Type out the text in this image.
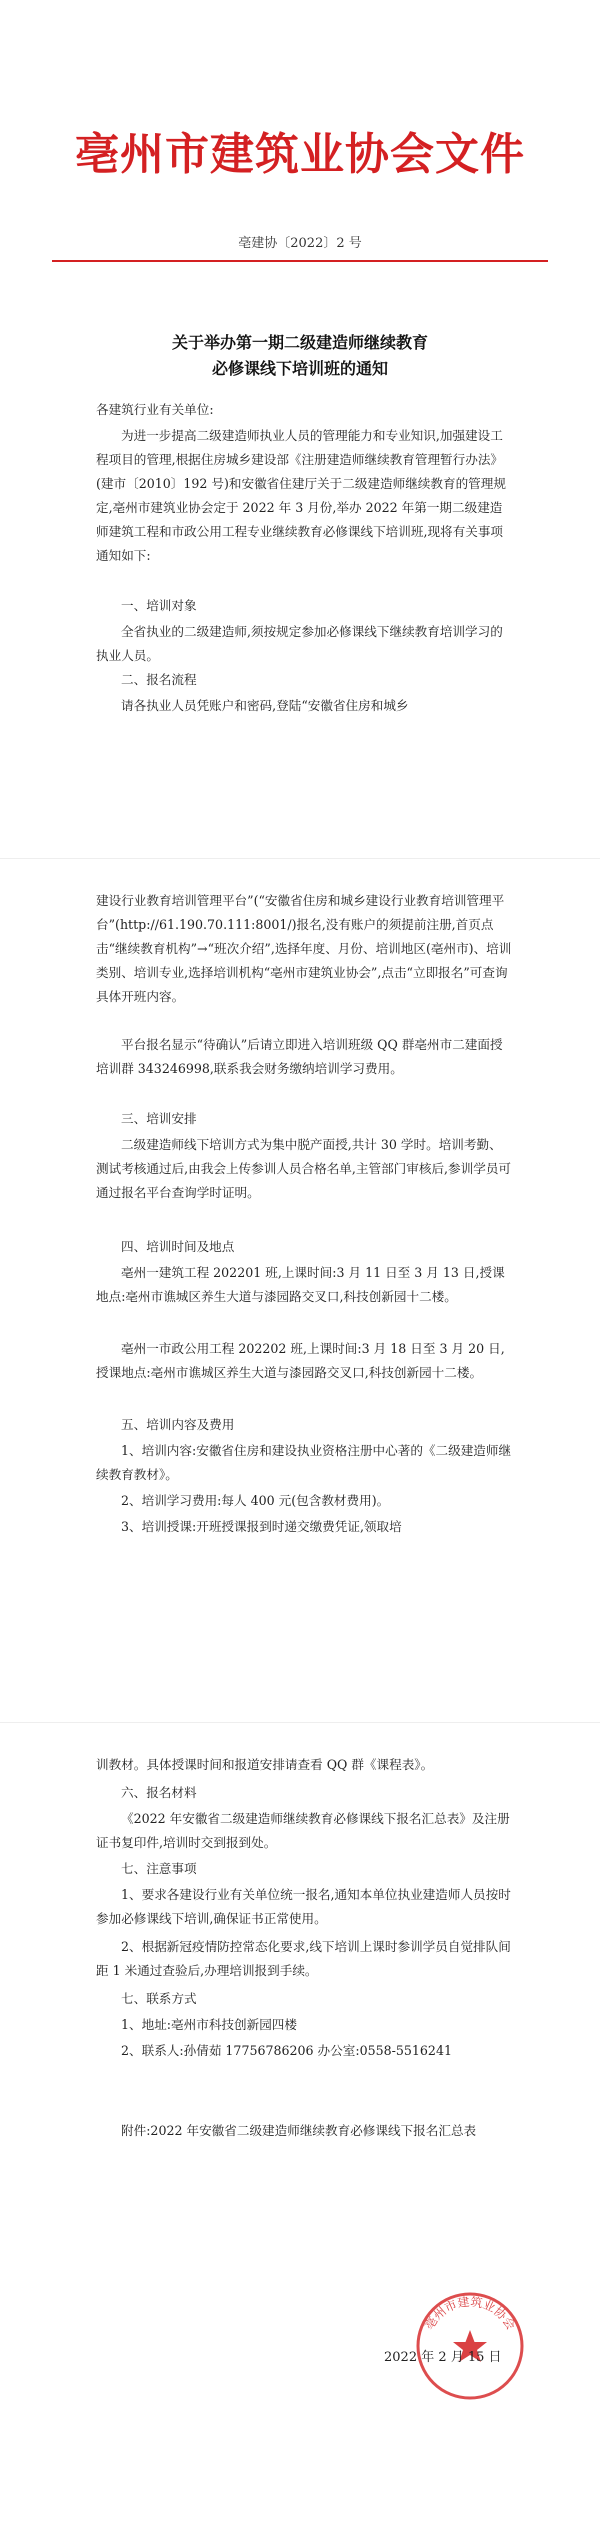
亳州市建筑业协会文件
亳建协〔2022〕2 号
关于举办第一期二级建造师继续教育
必修课线下培训班的通知

各建筑行业有关单位:

为进一步提高二级建造师执业人员的管理能力和专业知识,加强建设工程项目的管理,根据住房城乡建设部《注册建造师继续教育管理暂行办法》(建市〔2010〕192 号)和安徽省住建厅关于二级建造师继续教育的管理规定,亳州市建筑业协会定于 2022 年 3 月份,举办 2022 年第一期二级建造师建筑工程和市政公用工程专业继续教育必修课线下培训班,现将有关事项通知如下:

一、培训对象

全省执业的二级建造师,须按规定参加必修课线下继续教育培训学习的执业人员。

二、报名流程

请各执业人员凭账户和密码,登陆“安徽省住房和城乡

建设行业教育培训管理平台”(“安徽省住房和城乡建设行业教育培训管理平台”(http://61.190.70.111:8001/)报名,没有账户的须提前注册,首页点击“继续教育机构”→“班次介绍”,选择年度、月份、培训地区(亳州市)、培训类别、培训专业,选择培训机构“亳州市建筑业协会”,点击“立即报名”可查询具体开班内容。

平台报名显示“待确认”后请立即进入培训班级 QQ 群亳州市二建面授培训群 343246998,联系我会财务缴纳培训学习费用。

三、培训安排

二级建造师线下培训方式为集中脱产面授,共计 30 学时。培训考勤、测试考核通过后,由我会上传参训人员合格名单,主管部门审核后,参训学员可通过报名平台查询学时证明。

四、培训时间及地点

亳州一建筑工程 202201 班,上课时间:3 月 11 日至 3 月 13 日,授课地点:亳州市谯城区养生大道与漆园路交叉口,科技创新园十二楼。

亳州一市政公用工程 202202 班,上课时间:3 月 18 日至 3 月 20 日,授课地点:亳州市谯城区养生大道与漆园路交叉口,科技创新园十二楼。

五、培训内容及费用

1、培训内容:安徽省住房和建设执业资格注册中心著的《二级建造师继续教育教材》。

2、培训学习费用:每人 400 元(包含教材费用)。

3、培训授课:开班授课报到时递交缴费凭证,领取培

训教材。具体授课时间和报道安排请查看 QQ 群《课程表》。

六、报名材料

《2022 年安徽省二级建造师继续教育必修课线下报名汇总表》及注册证书复印件,培训时交到报到处。

七、注意事项

1、要求各建设行业有关单位统一报名,通知本单位执业建造师人员按时参加必修课线下培训,确保证书正常使用。

2、根据新冠疫情防控常态化要求,线下培训上课时参训学员自觉排队间距 1 米通过查验后,办理培训报到手续。

七、联系方式

1、地址:亳州市科技创新园四楼

2、联系人:孙倩茹 17756786206 办公室:0558-5516241

附件:2022 年安徽省二级建造师继续教育必修课线下报名汇总表

亳州市建筑业协会
2022 年 2 月 15 日
